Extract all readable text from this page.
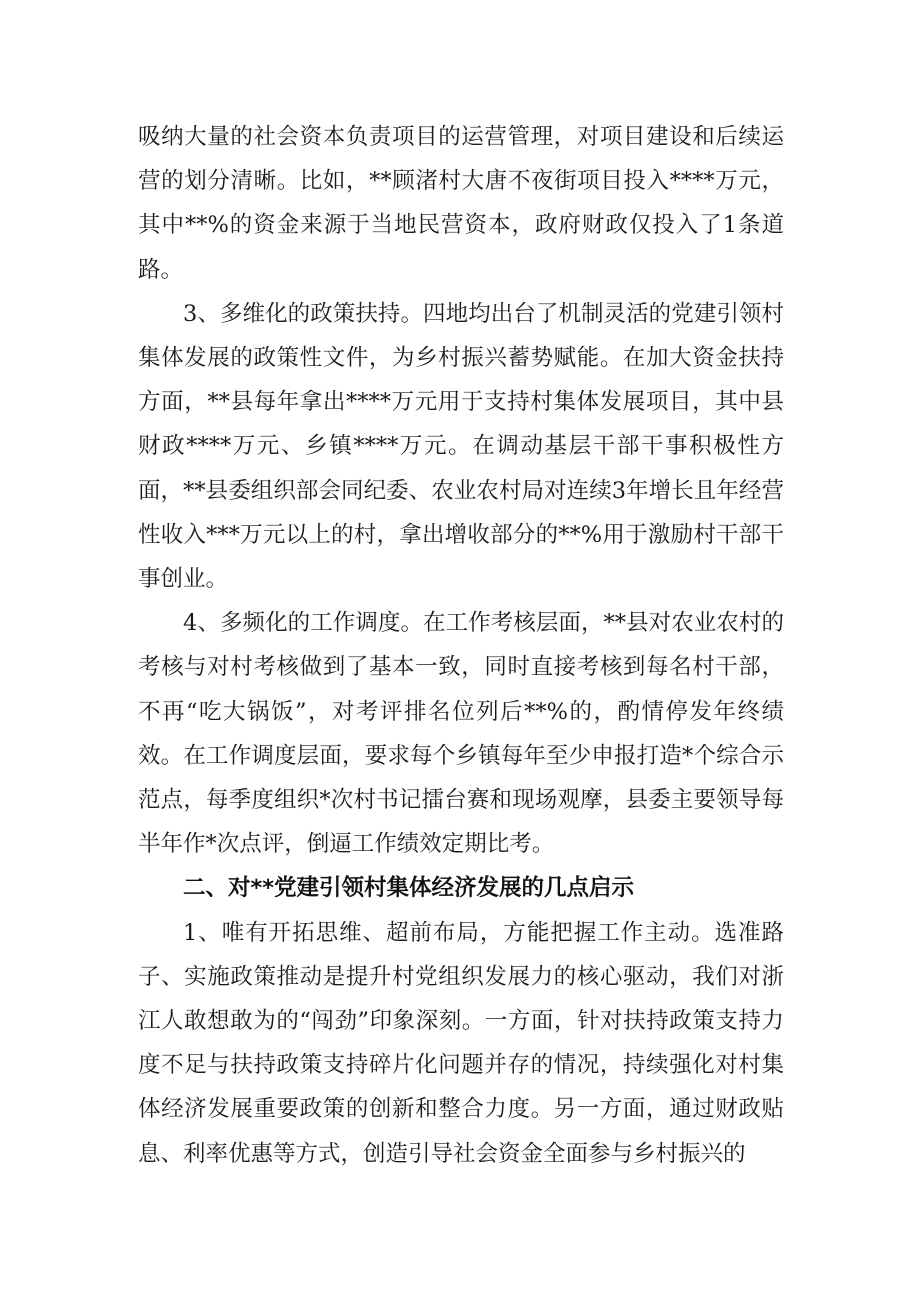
吸纳大量的社会资本负责项目的运营管理，对项目建设和后续运营的划分清晰。比如，**顾渚村大唐不夜街项目投入****万元，其中**%的资金来源于当地民营资本，政府财政仅投入了1条道路。

3、多维化的政策扶持。四地均出台了机制灵活的党建引领村集体发展的政策性文件，为乡村振兴蓄势赋能。在加大资金扶持方面，**县每年拿出****万元用于支持村集体发展项目，其中县财政****万元、乡镇****万元。在调动基层干部干事积极性方面，**县委组织部会同纪委、农业农村局对连续3年增长且年经营性收入***万元以上的村，拿出增收部分的**%用于激励村干部干事创业。

4、多频化的工作调度。在工作考核层面，**县对农业农村的考核与对村考核做到了基本一致，同时直接考核到每名村干部，不再“吃大锅饭”，对考评排名位列后**%的，酌情停发年终绩效。在工作调度层面，要求每个乡镇每年至少申报打造*个综合示范点，每季度组织*次村书记擂台赛和现场观摩，县委主要领导每半年作*次点评，倒逼工作绩效定期比考。

二、对**党建引领村集体经济发展的几点启示

1、唯有开拓思维、超前布局，方能把握工作主动。选准路子、实施政策推动是提升村党组织发展力的核心驱动，我们对浙江人敢想敢为的“闯劲”印象深刻。一方面，针对扶持政策支持力度不足与扶持政策支持碎片化问题并存的情况，持续强化对村集体经济发展重要政策的创新和整合力度。另一方面，通过财政贴息、利率优惠等方式，创造引导社会资金全面参与乡村振兴的
